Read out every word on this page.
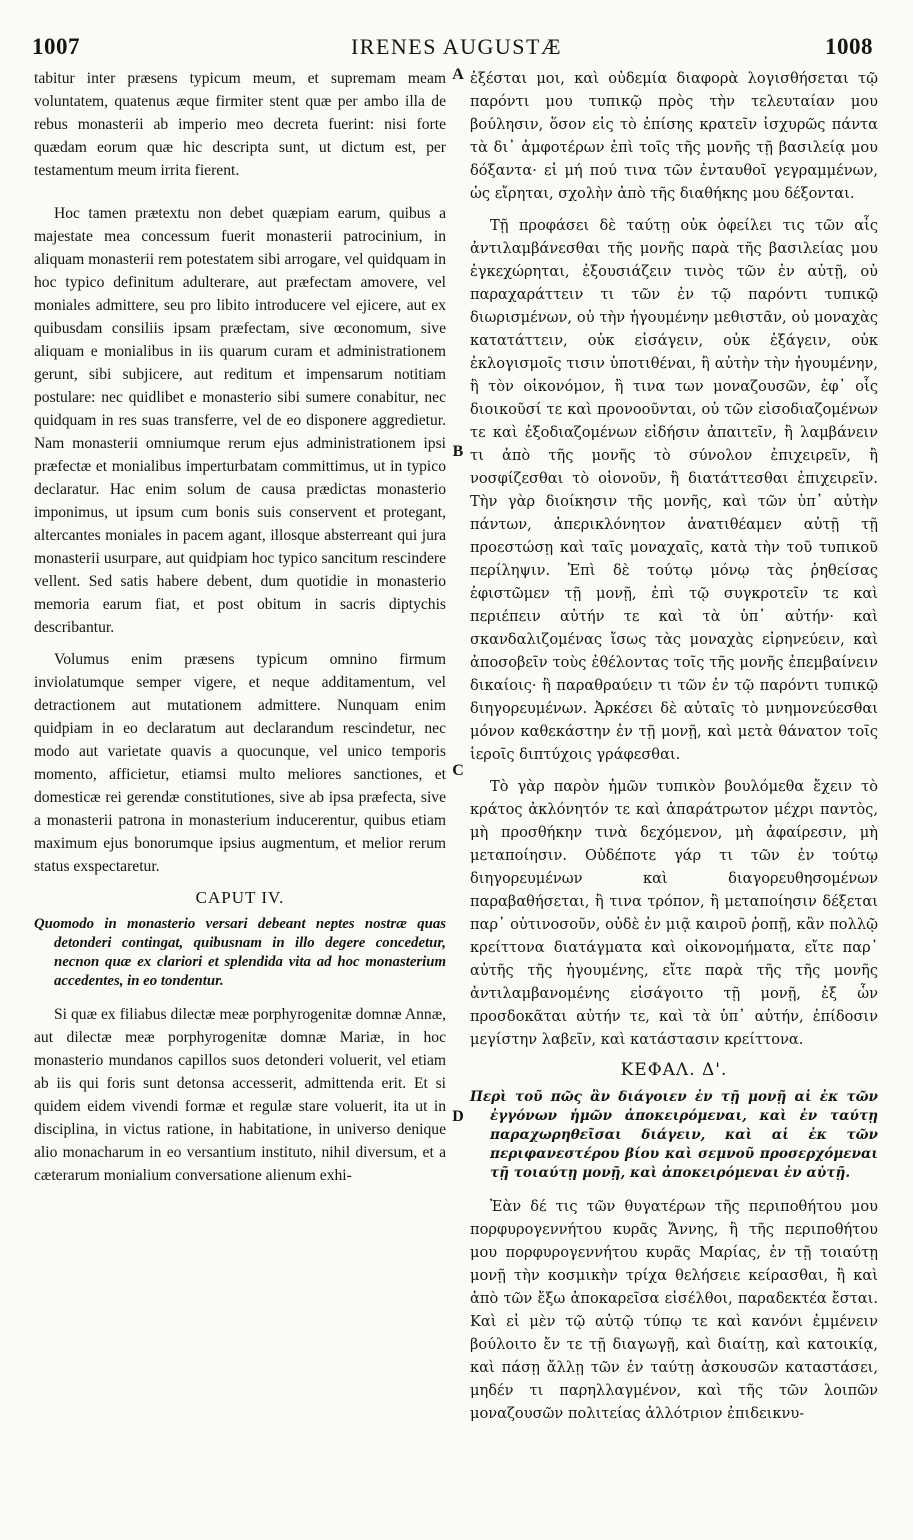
1007	IRENES AUGUSTÆ	1008
A
B
C
D

tabitur inter præsens typicum meum, et supremam meam voluntatem, quatenus æque firmiter stent quæ per ambo illa de rebus monasterii ab imperio meo decreta fuerint: nisi forte quædam eorum quæ hic descripta sunt, ut dictum est, per testamentum meum irrita fierent.

Hoc tamen prætextu non debet quæpiam earum, quibus a majestate mea concessum fuerit monasterii patrocinium, in aliquam monasterii rem potestatem sibi arrogare, vel quidquam in hoc typico definitum adulterare, aut præfectam amovere, vel moniales admittere, seu pro libito introducere vel ejicere, aut ex quibusdam consiliis ipsam præfectam, sive œconomum, sive aliquam e monialibus in iis quarum curam et administrationem gerunt, sibi subjicere, aut reditum et impensarum notitiam postulare: nec quidlibet e monasterio sibi sumere conabitur, nec quidquam in res suas transferre, vel de eo disponere aggredietur. Nam monasterii omniumque rerum ejus administrationem ipsi præfectæ et monialibus imperturbatam committimus, ut in typico declaratur. Hac enim solum de causa prædictas monasterio imponimus, ut ipsum cum bonis suis conservent et protegant, altercantes moniales in pacem agant, illosque absterreant qui jura monasterii usurpare, aut quidpiam hoc typico sancitum rescindere vellent. Sed satis habere debent, dum quotidie in monasterio memoria earum fiat, et post obitum in sacris diptychis describantur.

Volumus enim præsens typicum omnino firmum inviolatumque semper vigere, et neque additamentum, vel detractionem aut mutationem admittere. Nunquam enim quidpiam in eo declaratum aut declarandum rescindetur, nec modo aut varietate quavis a quocunque, vel unico temporis momento, afficietur, etiamsi multo meliores sanctiones, et domesticæ rei gerendæ constitutiones, sive ab ipsa præfecta, sive a monasterii patrona in monasterium inducerentur, quibus etiam maximum ejus bonorumque ipsius augmentum, et melior rerum status exspectaretur.

CAPUT IV.
Quomodo in monasterio versari debeant neptes nostræ quas detonderi contingat, quibusnam in illo degere concedetur, necnon quæ ex clariori et splendida vita ad hoc monasterium accedentes, in eo tondentur.

Si quæ ex filiabus dilectæ meæ porphyrogenitæ domnæ Annæ, aut dilectæ meæ porphyrogenitæ domnæ Mariæ, in hoc monasterio mundanos capillos suos detonderi voluerit, vel etiam ab iis qui foris sunt detonsa accesserit, admittenda erit. Et si quidem eidem vivendi formæ et regulæ stare voluerit, ita ut in disciplina, in victus ratione, in habitatione, in universo denique alio monacharum in eo versantium instituto, nihil diversum, et a cæterarum monialium conversatione alienum exhi-

ἐξέσται μοι, καὶ οὐδεμία διαφορὰ λογισθήσεται τῷ παρόντι μου τυπικῷ πρὸς τὴν τελευταίαν μου βούλησιν, ὅσον εἰς τὸ ἐπίσης κρατεῖν ἰσχυρῶς πάντα τὰ δι᾽ ἀμφοτέρων ἐπὶ τοῖς τῆς μονῆς τῇ βασιλείᾳ μου δόξαντα· εἰ μή πού τινα τῶν ἐνταυθοῖ γεγραμμένων, ὡς εἴρηται, σχολὴν ἀπὸ τῆς διαθήκης μου δέξονται.

Τῇ προφάσει δὲ ταύτῃ οὐκ ὀφείλει τις τῶν αἷς ἀντιλαμβάνεσθαι τῆς μονῆς παρὰ τῆς βασιλείας μου ἐγκεχώρηται, ἐξουσιάζειν τινὸς τῶν ἐν αὐτῇ, οὐ παραχαράττειν τι τῶν ἐν τῷ παρόντι τυπικῷ διωρισμένων, οὐ τὴν ἡγουμένην μεθιστᾶν, οὐ μοναχὰς κατατάττειν, οὐκ εἰσάγειν, οὐκ ἐξάγειν, οὐκ ἐκλογισμοῖς τισιν ὑποτιθέναι, ἢ αὐτὴν τὴν ἡγουμένην, ἢ τὸν οἰκονόμον, ἢ τινα των μοναζουσῶν, ἐφ᾽ οἷς διοικοῦσί τε καὶ προνοοῦνται, οὐ τῶν εἰσοδιαζομένων τε καὶ ἐξοδιαζομένων εἰδήσιν ἀπαιτεῖν, ἢ λαμβάνειν τι ἀπὸ τῆς μονῆς τὸ σύνολον ἐπιχειρεῖν, ἢ νοσφίζεσθαι τὸ οἱονοῦν, ἢ διατάττεσθαι ἐπιχειρεῖν. Τὴν γὰρ διοίκησιν τῆς μονῆς, καὶ τῶν ὑπ᾽ αὐτὴν πάντων, ἀπερικλόνητον ἀνατιθέαμεν αὐτῇ τῇ προεστώσῃ καὶ ταῖς μοναχαῖς, κατὰ τὴν τοῦ τυπικοῦ περίληψιν. Ἐπὶ δὲ τούτῳ μόνῳ τὰς ῥηθείσας ἐφιστῶμεν τῇ μονῇ, ἐπὶ τῷ συγκροτεῖν τε καὶ περιέπειν αὐτήν τε καὶ τὰ ὑπ᾽ αὐτήν· καὶ σκανδαλιζομένας ἴσως τὰς μοναχὰς εἰρηνεύειν, καὶ ἀποσοβεῖν τοὺς ἐθέλοντας τοῖς τῆς μονῆς ἐπεμβαίνειν δικαίοις· ἢ παραθραύειν τι τῶν ἐν τῷ παρόντι τυπικῷ διηγορευμένων. Ἀρκέσει δὲ αὐταῖς τὸ μνημονεύεσθαι μόνον καθεκάστην ἐν τῇ μονῇ, καὶ μετὰ θάνατον τοῖς ἱεροῖς διπτύχοις γράφεσθαι.

Τὸ γὰρ παρὸν ἡμῶν τυπικὸν βουλόμεθα ἔχειν τὸ κράτος ἀκλόνητόν τε καὶ ἀπαράτρωτον μέχρι παντὸς, μὴ προσθήκην τινὰ δεχόμενον, μὴ ἀφαίρεσιν, μὴ μεταποίησιν. Οὐδέποτε γάρ τι τῶν ἐν τούτῳ διηγορευμένων καὶ διαγορευθησομένων παραβαθήσεται, ἢ τινα τρόπον, ἢ μεταποίησιν δέξεται παρ᾽ οὑτινοσοῦν, οὐδὲ ἐν μιᾷ καιροῦ ῥοπῇ, κἂν πολλῷ κρείττονα διατάγματα καὶ οἰκονομήματα, εἴτε παρ᾽ αὐτῆς τῆς ἡγουμένης, εἴτε παρὰ τῆς τῆς μονῆς ἀντιλαμβανομένης εἰσάγοιτο τῇ μονῇ, ἐξ ὧν προσδοκᾶται αὐτήν τε, καὶ τὰ ὑπ᾽ αὐτήν, ἐπίδοσιν μεγίστην λαβεῖν, καὶ κατάστασιν κρείττονα.

ΚΕΦΑΛ. Δ'.
Περὶ τοῦ πῶς ἂν διάγοιεν ἐν τῇ μονῇ αἱ ἐκ τῶν ἐγγόνων ἡμῶν ἀποκειρόμεναι, καὶ ἐν ταύτῃ παραχωρηθεῖσαι διάγειν, καὶ αἱ ἐκ τῶν περιφανεστέρου βίου καὶ σεμνοῦ προσερχόμεναι τῇ τοιαύτῃ μονῇ, καὶ ἀποκειρόμεναι ἐν αὐτῇ.

Ἐὰν δέ τις τῶν θυγατέρων τῆς περιποθήτου μου πορφυρογεννήτου κυρᾶς Ἄννης, ἢ τῆς περιποθήτου μου πορφυρογεννήτου κυρᾶς Μαρίας, ἐν τῇ τοιαύτῃ μονῇ τὴν κοσμικὴν τρίχα θελήσειε κείρασθαι, ἢ καὶ ἀπὸ τῶν ἔξω ἀποκαρεῖσα εἰσέλθοι, παραδεκτέα ἔσται. Καὶ εἰ μὲν τῷ αὐτῷ τύπῳ τε καὶ κανόνι ἐμμένειν βούλοιτο ἔν τε τῇ διαγωγῇ, καὶ διαίτῃ, καὶ κατοικίᾳ, καὶ πάσῃ ἄλλῃ τῶν ἐν ταύτῃ ἀσκουσῶν καταστάσει, μηδέν τι παρηλλαγμένον, καὶ τῆς τῶν λοιπῶν μοναζουσῶν πολιτείας ἀλλότριον ἐπιδεικνυ-
